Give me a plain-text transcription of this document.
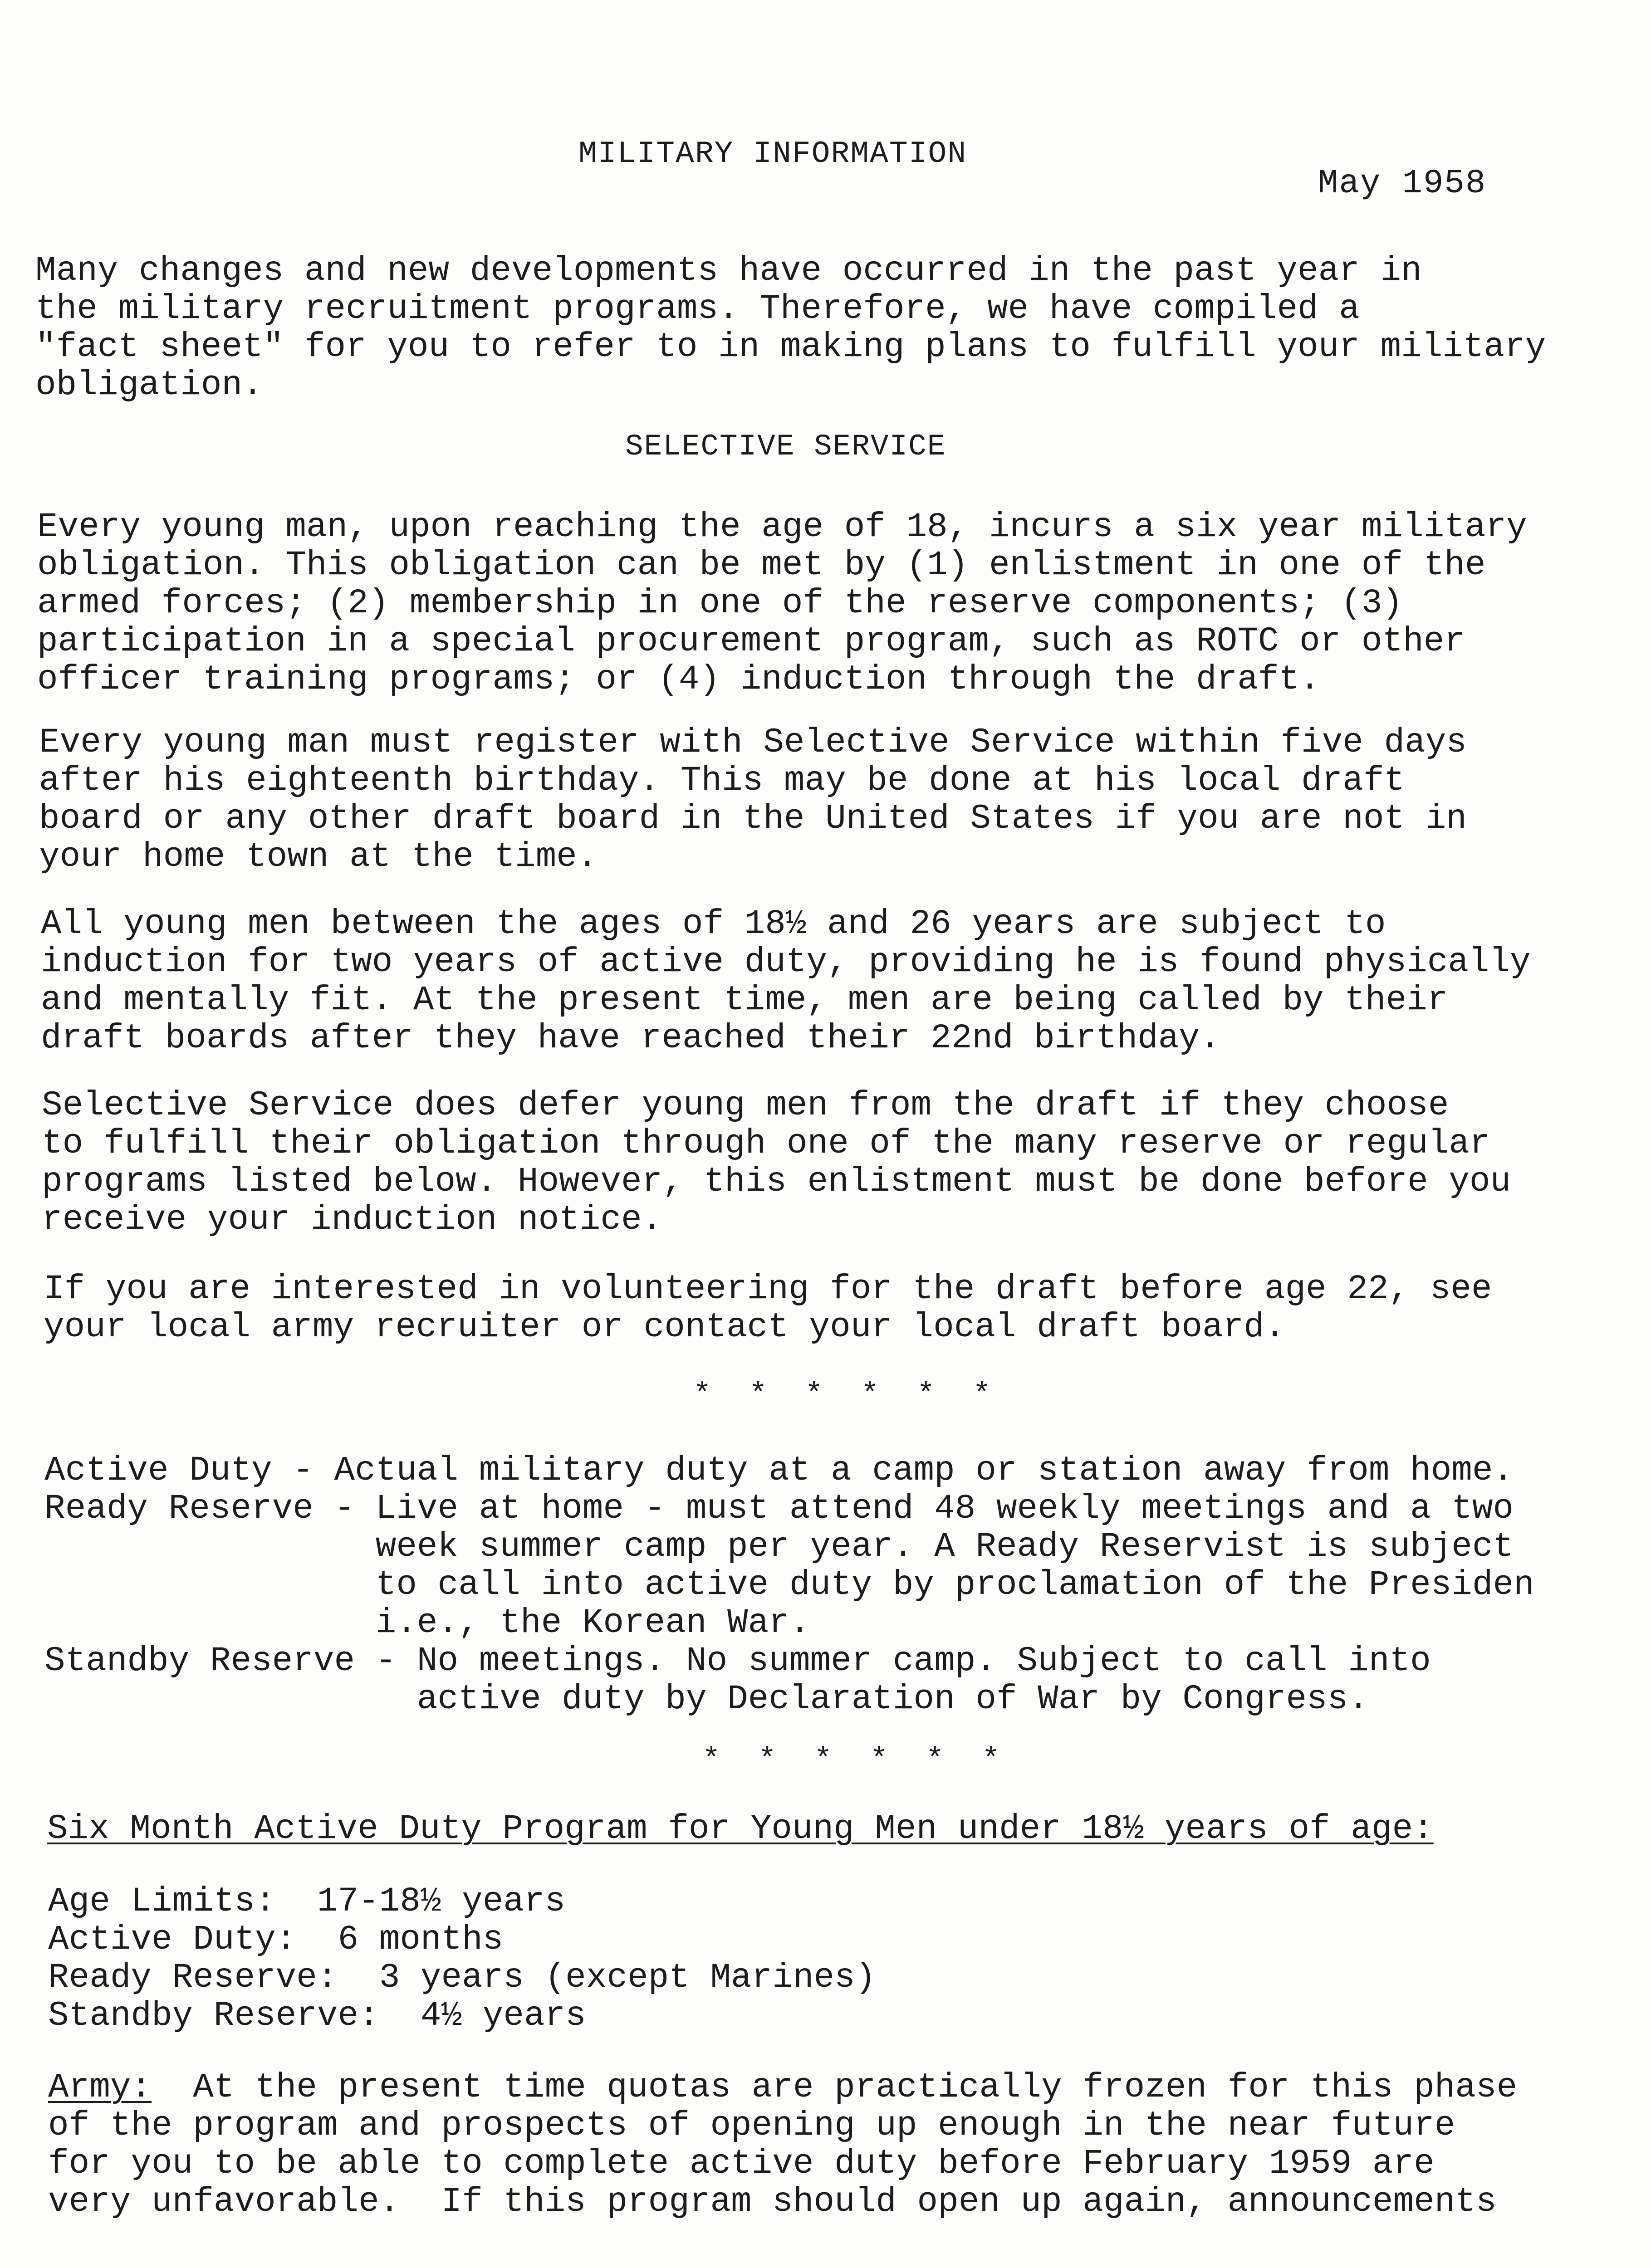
MILITARY INFORMATION
May 1958
Many changes and new developments have occurred in the past year in
the military recruitment programs. Therefore, we have compiled a
"fact sheet" for you to refer to in making plans to fulfill your military
obligation.
SELECTIVE SERVICE
Every young man, upon reaching the age of 18, incurs a six year military
obligation. This obligation can be met by (1) enlistment in one of the
armed forces; (2) membership in one of the reserve components; (3)
participation in a special procurement program, such as ROTC or other
officer training programs; or (4) induction through the draft.
Every young man must register with Selective Service within five days
after his eighteenth birthday. This may be done at his local draft
board or any other draft board in the United States if you are not in
your home town at the time.
All young men between the ages of 18½ and 26 years are subject to
induction for two years of active duty, providing he is found physically
and mentally fit. At the present time, men are being called by their
draft boards after they have reached their 22nd birthday.
Selective Service does defer young men from the draft if they choose
to fulfill their obligation through one of the many reserve or regular
programs listed below. However, this enlistment must be done before you
receive your induction notice.
If you are interested in volunteering for the draft before age 22, see
your local army recruiter or contact your local draft board.
* * * * * *
Active Duty - Actual military duty at a camp or station away from home.
Ready Reserve - Live at home - must attend 48 weekly meetings and a two
week summer camp per year. A Ready Reservist is subject
to call into active duty by proclamation of the Presiden
i.e., the Korean War.
Standby Reserve - No meetings. No summer camp. Subject to call into
active duty by Declaration of War by Congress.
* * * * * *
Six Month Active Duty Program for Young Men under 18½ years of age:
Age Limits:  17-18½ years
Active Duty:  6 months
Ready Reserve:  3 years (except Marines)
Standby Reserve:  4½ years
Army:  At the present time quotas are practically frozen for this phase
of the program and prospects of opening up enough in the near future
for you to be able to complete active duty before February 1959 are
very unfavorable.  If this program should open up again, announcements
